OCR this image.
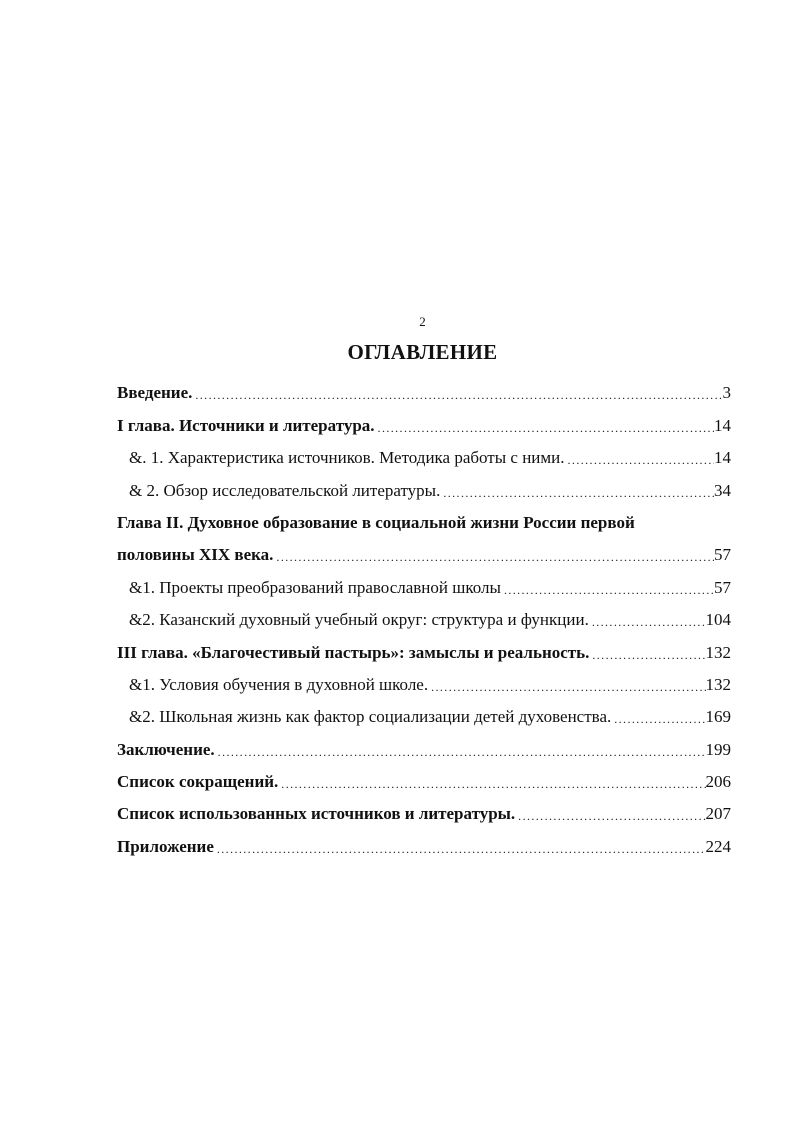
2
ОГЛАВЛЕНИЕ
Введение. .....	3
I глава. Источники и литература. .....	14
&. 1. Характеристика источников. Методика работы с ними. .....	14
& 2. Обзор исследовательской литературы. .....	34
Глава II. Духовное образование в социальной жизни России первой
половины XIX века. .....	57
&1. Проекты преобразований православной школы .....	57
&2. Казанский духовный учебный округ: структура и функции. .....	104
III глава. «Благочестивый пастырь»: замыслы и реальность. .....	132
&1. Условия обучения в духовной школе. .....	132
&2. Школьная жизнь как фактор социализации детей духовенства. .....	169
Заключение. .....	199
Список сокращений. .....	206
Список использованных источников и литературы. .....	207
Приложение .....	224
